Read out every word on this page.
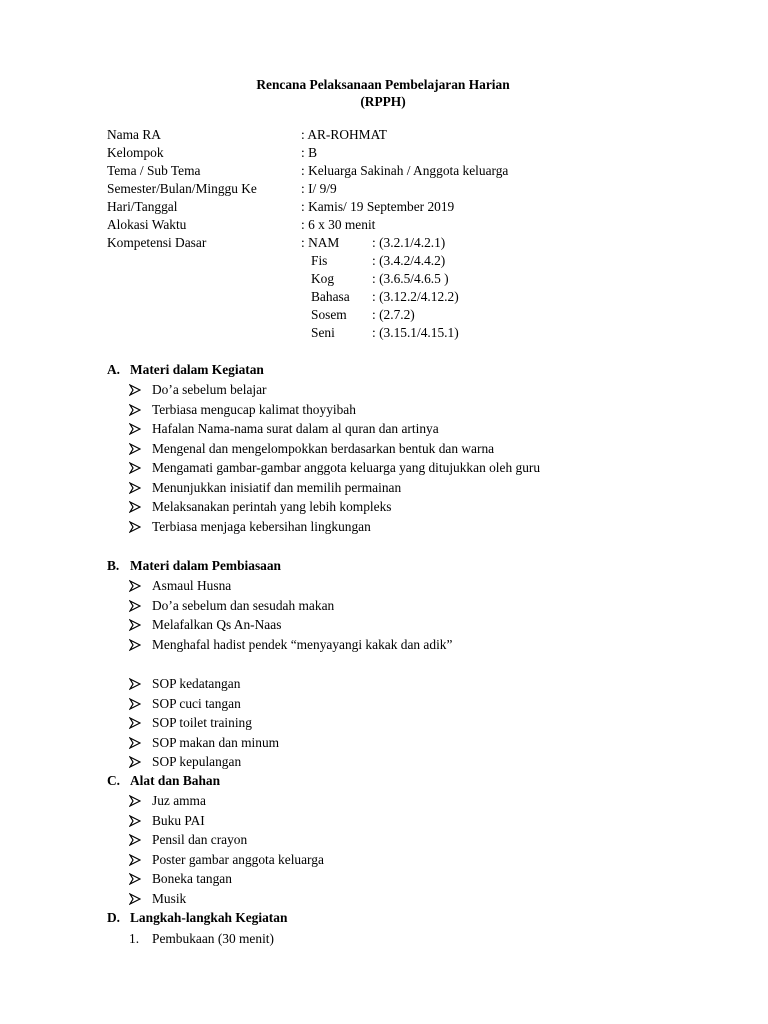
Rencana Pelaksanaan Pembelajaran Harian
(RPPH)
Nama RA	: AR-ROHMAT
Kelompok	: B
Tema / Sub Tema	: Keluarga Sakinah / Anggota keluarga
Semester/Bulan/Minggu Ke	: I/ 9/9
Hari/Tanggal	: Kamis/ 19 September 2019
Alokasi Waktu	: 6 x 30 menit
Kompetensi Dasar	: NAM : (3.2.1/4.2.1)
Fis	: (3.4.2/4.4.2)
Kog	: (3.6.5/4.6.5 )
Bahasa : (3.12.2/4.12.2)
Sosem : (2.7.2)
Seni	: (3.15.1/4.15.1)
A. Materi dalam Kegiatan
Do’a sebelum belajar
Terbiasa mengucap kalimat thoyyibah
Hafalan Nama-nama surat dalam al quran dan artinya
Mengenal dan mengelompokkan berdasarkan bentuk dan warna
Mengamati gambar-gambar anggota keluarga yang ditujukkan oleh guru
Menunjukkan inisiatif dan memilih permainan
Melaksanakan perintah yang lebih kompleks
Terbiasa menjaga kebersihan lingkungan
B. Materi dalam Pembiasaan
Asmaul Husna
Do’a sebelum dan sesudah makan
Melafalkan Qs An-Naas
Menghafal hadist pendek “menyayangi kakak dan adik”
SOP kedatangan
SOP cuci tangan
SOP toilet training
SOP makan dan minum
SOP kepulangan
C. Alat dan Bahan
Juz amma
Buku PAI
Pensil dan crayon
Poster gambar anggota keluarga
Boneka tangan
Musik
D. Langkah-langkah Kegiatan
1. Pembukaan (30 menit)
